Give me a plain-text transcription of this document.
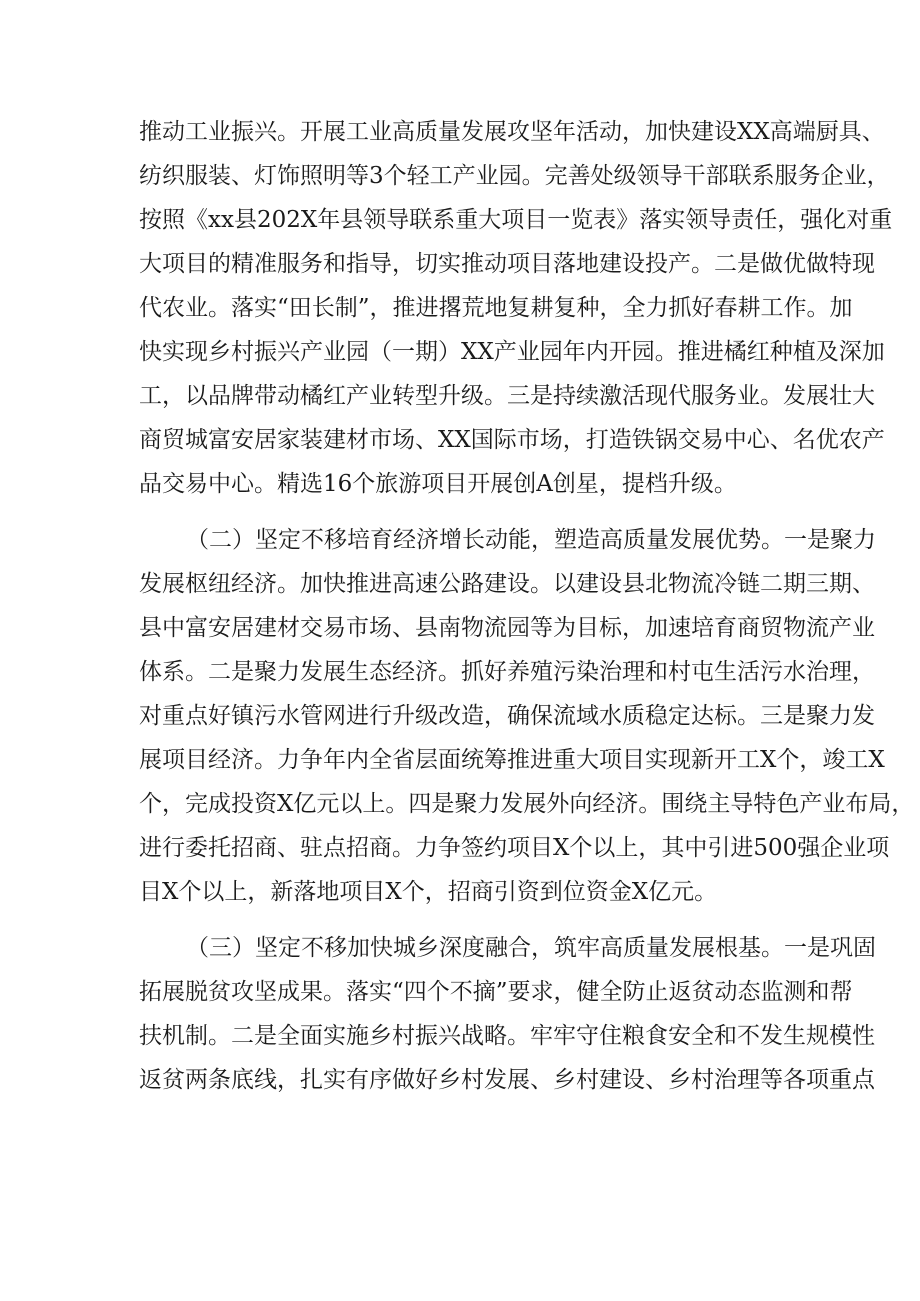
推动工业振兴。开展工业高质量发展攻坚年活动，加快建设XX高端厨具、
纺织服装、灯饰照明等3个轻工产业园。完善处级领导干部联系服务企业，
按照《xx县202X年县领导联系重大项目一览表》落实领导责任，强化对重
大项目的精准服务和指导，切实推动项目落地建设投产。二是做优做特现
代农业。落实“田长制”，推进撂荒地复耕复种，全力抓好春耕工作。加
快实现乡村振兴产业园（一期）XX产业园年内开园。推进橘红种植及深加
工，以品牌带动橘红产业转型升级。三是持续激活现代服务业。发展壮大
商贸城富安居家装建材市场、XX国际市场，打造铁锅交易中心、名优农产
品交易中心。精选16个旅游项目开展创A创星，提档升级。
（二）坚定不移培育经济增长动能，塑造高质量发展优势。一是聚力
发展枢纽经济。加快推进高速公路建设。以建设县北物流冷链二期三期、
县中富安居建材交易市场、县南物流园等为目标，加速培育商贸物流产业
体系。二是聚力发展生态经济。抓好养殖污染治理和村屯生活污水治理，
对重点好镇污水管网进行升级改造，确保流域水质稳定达标。三是聚力发
展项目经济。力争年内全省层面统筹推进重大项目实现新开工X个，竣工X
个，完成投资X亿元以上。四是聚力发展外向经济。围绕主导特色产业布局，
进行委托招商、驻点招商。力争签约项目X个以上，其中引进500强企业项
目X个以上，新落地项目X个，招商引资到位资金X亿元。
（三）坚定不移加快城乡深度融合，筑牢高质量发展根基。一是巩固
拓展脱贫攻坚成果。落实“四个不摘”要求，健全防止返贫动态监测和帮
扶机制。二是全面实施乡村振兴战略。牢牢守住粮食安全和不发生规模性
返贫两条底线，扎实有序做好乡村发展、乡村建设、乡村治理等各项重点
